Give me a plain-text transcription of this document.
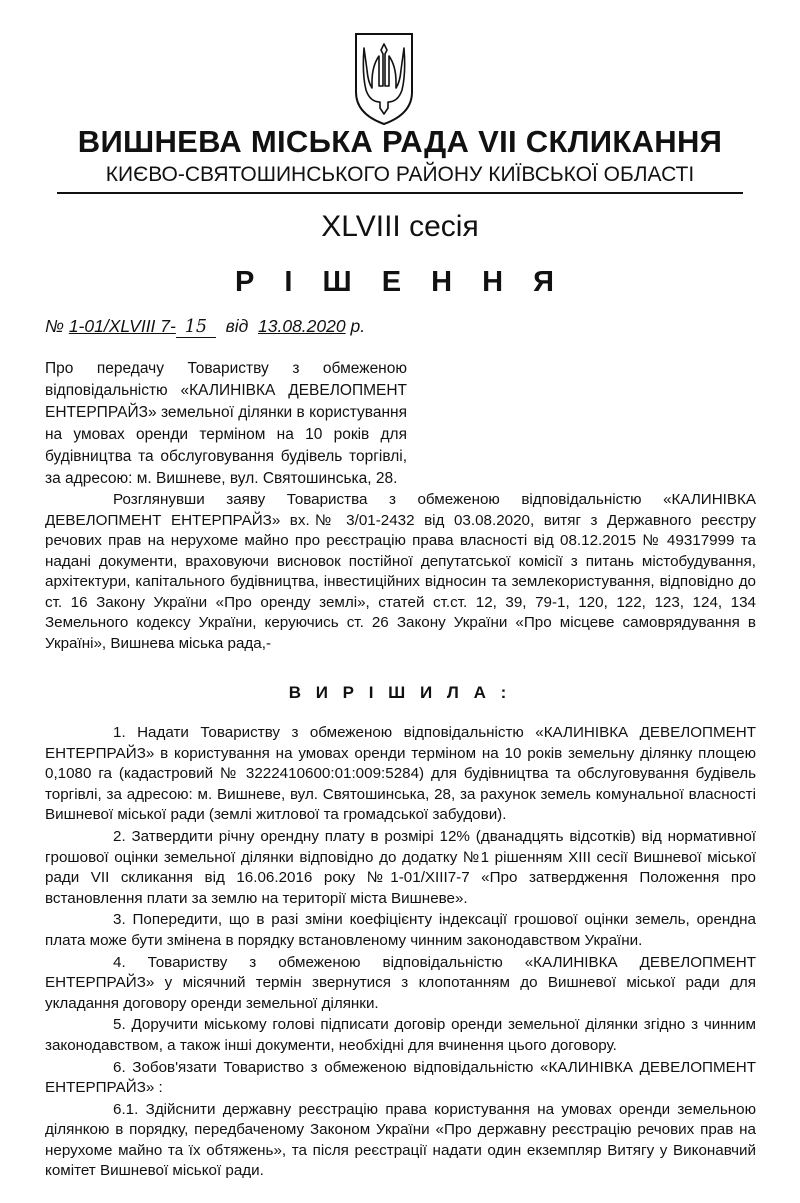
ВИШНЕВА МІСЬКА РАДА VII СКЛИКАННЯ
КИЄВО-СВЯТОШИНСЬКОГО РАЙОНУ КИЇВСЬКОЇ ОБЛАСТІ
XLVIII сесія
Р І Ш Е Н Н Я
№ 1-01/XLVIII 7- 15 від 13.08.2020 р.
Про передачу Товариству з обмеженою відповідальністю «КАЛИНІВКА ДЕВЕЛОПМЕНТ ЕНТЕРПРАЙЗ» земельної ділянки в користування на умовах оренди терміном на 10 років для будівництва та обслуговування будівель торгівлі, за адресою: м. Вишневе, вул. Святошинська, 28.

Розглянувши заяву Товариства з обмеженою відповідальністю «КАЛИНІВКА ДЕВЕЛОПМЕНТ ЕНТЕРПРАЙЗ» вх.№ 3/01-2432 від 03.08.2020, витяг з Державного реєстру речових прав на нерухоме майно про реєстрацію права власності від 08.12.2015 № 49317999 та надані документи, враховуючи висновок постійної депутатської комісії з питань містобудування, архітектури, капітального будівництва, інвестиційних відносин та землекористування, відповідно до ст. 16 Закону України «Про оренду землі», статей ст.ст. 12, 39, 79-1, 120, 122, 123, 124, 134 Земельного кодексу України, керуючись ст. 26 Закону України «Про місцеве самоврядування в Україні», Вишнева міська рада,-

В И Р І Ш И Л А :

1. Надати Товариству з обмеженою відповідальністю «КАЛИНІВКА ДЕВЕЛОПМЕНТ ЕНТЕРПРАЙЗ» в користування на умовах оренди терміном на 10 років земельну ділянку площею 0,1080 га (кадастровий № 3222410600:01:009:5284) для будівництва та обслуговування будівель торгівлі, за адресою: м. Вишневе, вул. Святошинська, 28, за рахунок земель комунальної власності Вишневої міської ради (землі житлової та громадської забудови).

2. Затвердити річну орендну плату в розмірі 12% (дванадцять відсотків) від нормативної грошової оцінки земельної ділянки відповідно до додатку №1 рішенням XIII сесії Вишневої міської ради VII скликання від 16.06.2016 року №1-01/XIII7-7 «Про затвердження Положення про встановлення плати за землю на території міста Вишневе».

3. Попередити, що в разі зміни коефіцієнту індексації грошової оцінки земель, орендна плата може бути змінена в порядку встановленому чинним законодавством України.

4. Товариству з обмеженою відповідальністю «КАЛИНІВКА ДЕВЕЛОПМЕНТ ЕНТЕРПРАЙЗ» у місячний термін звернутися з клопотанням до Вишневої міської ради для укладання договору оренди земельної ділянки.

5. Доручити міському голові підписати договір оренди земельної ділянки згідно з чинним законодавством, а також інші документи, необхідні для вчинення цього договору.

6. Зобов'язати Товариство з обмеженою відповідальністю «КАЛИНІВКА ДЕВЕЛОПМЕНТ ЕНТЕРПРАЙЗ» :

6.1. Здійснити державну реєстрацію права користування на умовах оренди земельною ділянкою в порядку, передбаченому Законом України «Про державну реєстрацію речових прав на нерухоме майно та їх обтяжень», та після реєстрації надати один екземпляр Витягу у Виконавчий комітет Вишневої міської ради.
